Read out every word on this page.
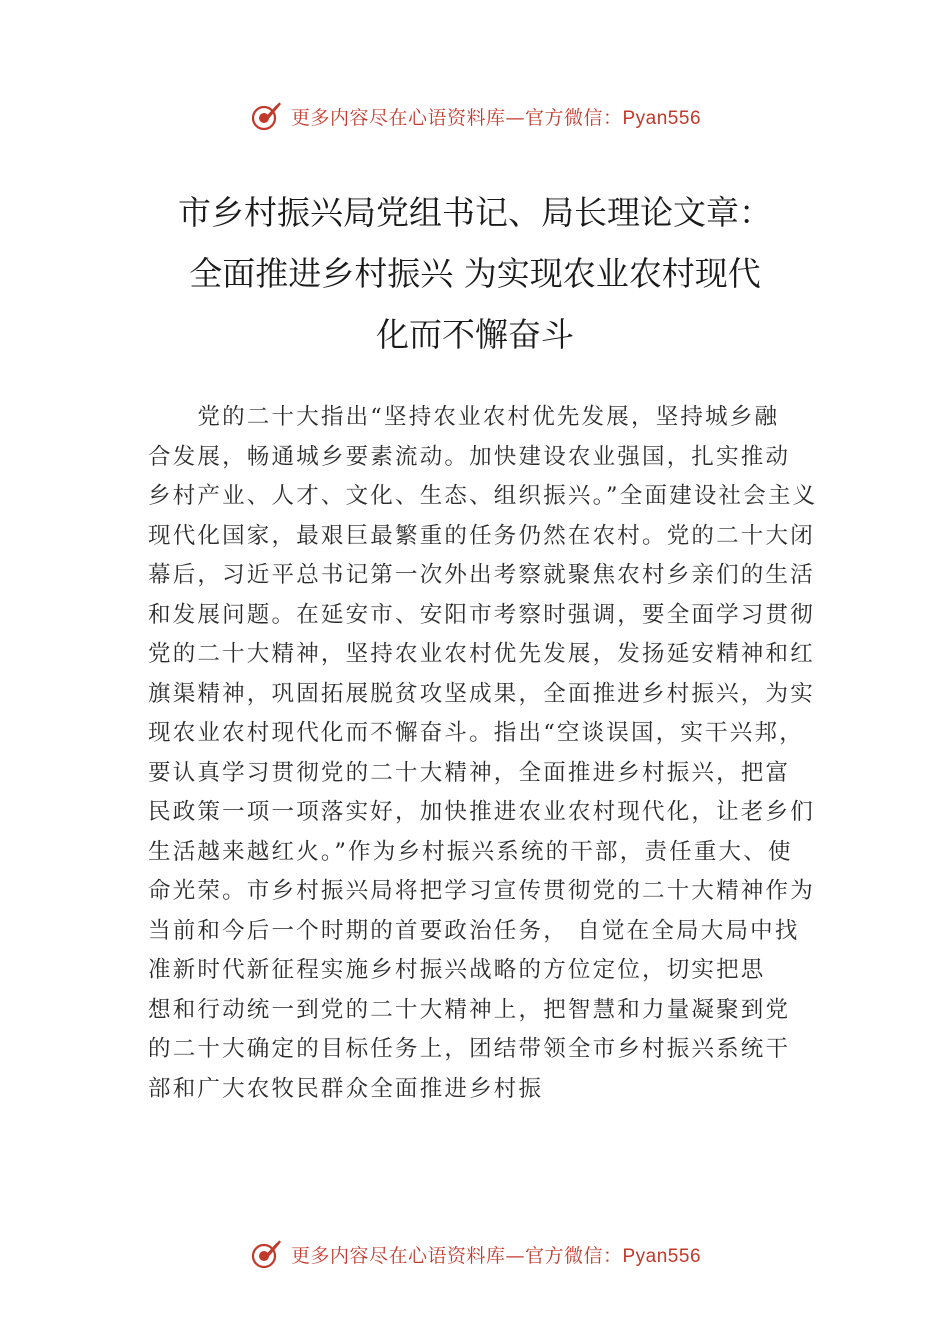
更多内容尽在心语资料库—官方微信：Pyan556
市乡村振兴局党组书记、局长理论文章：
全面推进乡村振兴 为实现农业农村现代
化而不懈奋斗
　　党的二十大指出“坚持农业农村优先发展，坚持城乡融
合发展，畅通城乡要素流动。加快建设农业强国，扎实推动
乡村产业、人才、文化、生态、组织振兴。”全面建设社会主义
现代化国家，最艰巨最繁重的任务仍然在农村。党的二十大闭
幕后，习近平总书记第一次外出考察就聚焦农村乡亲们的生活
和发展问题。在延安市、安阳市考察时强调，要全面学习贯彻
党的二十大精神，坚持农业农村优先发展，发扬延安精神和红
旗渠精神，巩固拓展脱贫攻坚成果，全面推进乡村振兴，为实
现农业农村现代化而不懈奋斗。指出“空谈误国，实干兴邦，
要认真学习贯彻党的二十大精神，全面推进乡村振兴，把富
民政策一项一项落实好，加快推进农业农村现代化，让老乡们
生活越来越红火。”作为乡村振兴系统的干部，责任重大、使
命光荣。市乡村振兴局将把学习宣传贯彻党的二十大精神作为
当前和今后一个时期的首要政治任务， 自觉在全局大局中找
准新时代新征程实施乡村振兴战略的方位定位，切实把思
想和行动统一到党的二十大精神上，把智慧和力量凝聚到党
的二十大确定的目标任务上，团结带领全市乡村振兴系统干
部和广大农牧民群众全面推进乡村振
更多内容尽在心语资料库—官方微信：Pyan556
